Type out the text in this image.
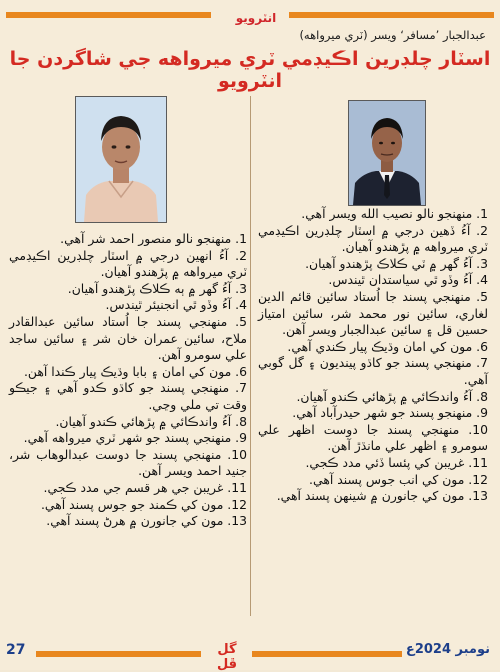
انٽرويو
عبدالجبار ’مسافر‘ ويسر (ٽري ميرواهه)
اسٽار چلڊرين اڪيڊمي ٽري ميرواهه جي شاگردن جا انٽرويو

1. منهنجو نالو نصيب الله ويسر آهي.

2. آءُ ڏهين درجي ۾ اسٽار چلڊرين اڪيڊمي ٽري ميرواهه ۾ پڙهندو آهيان.

3. آءُ گهر ۾ ٽي ڪلاڪ پڙهندو آهيان.

4. آءُ وڏو ٿي سياستدان ٿيندس.

5. منهنجي پسند جا اُستاد سائين قائم الدين لغاري، سائين نور محمد شر، سائين امتياز حسين قل ۽ سائين عبدالجبار ويسر آهن.

6. مون کي امان وڌيڪ پيار ڪندي آهي.

7. منهنجي پسند جو کاڌو پينديون ۽ گل گوبي آهي.

8. آءُ واندڪائي ۾ پڙهائي ڪندو آهيان.

9. منهنجو پسند جو شهر حيدرآباد آهي.

10. منهنجي پسند جا دوست اظهر علي سومرو ۽ اظهر علي مانڌڙ آهن.

11. غريبن کي پئسا ڏئي مدد ڪجي.

12. مون کي انب جوس پسند آهي.

13. مون کي جانورن ۾ شينهن پسند آهي.

1. منهنجو نالو منصور احمد شر آهي.

2. آءُ انهين درجي ۾ اسٽار چلڊرين اڪيڊمي ٽري ميرواهه ۾ پڙهندو آهيان.

3. آءُ گهر ۾ ٻه ڪلاڪ پڙهندو آهيان.

4. آءُ وڏو ٿي انجنيئر ٿيندس.

5. منهنجي پسند جا اُستاد سائين عبدالقادر ملاح، سائين عمران خان شر ۽ سائين ساجد علي سومرو آهن.

6. مون کي امان ۽ بابا وڌيڪ پيار ڪندا آهن.

7. منهنجي پسند جو کاڌو ڪدو آهي ۽ جيڪو وقت تي ملي وڃي.

8. آءُ واندڪائي ۾ پڙهائي ڪندو آهيان.

9. منهنجي پسند جو شهر ٽري ميرواهه آهي.

10. منهنجي پسند جا دوست عبدالوهاب شر، جنيد احمد ويسر آهن.

11. غريبن جي هر قسم جي مدد ڪجي.

12. مون کي ڪمند جو جوس پسند آهي.

13. مون کي جانورن ۾ هرڻ پسند آهي.

27	گل ڦل
نومبر 2024ع
